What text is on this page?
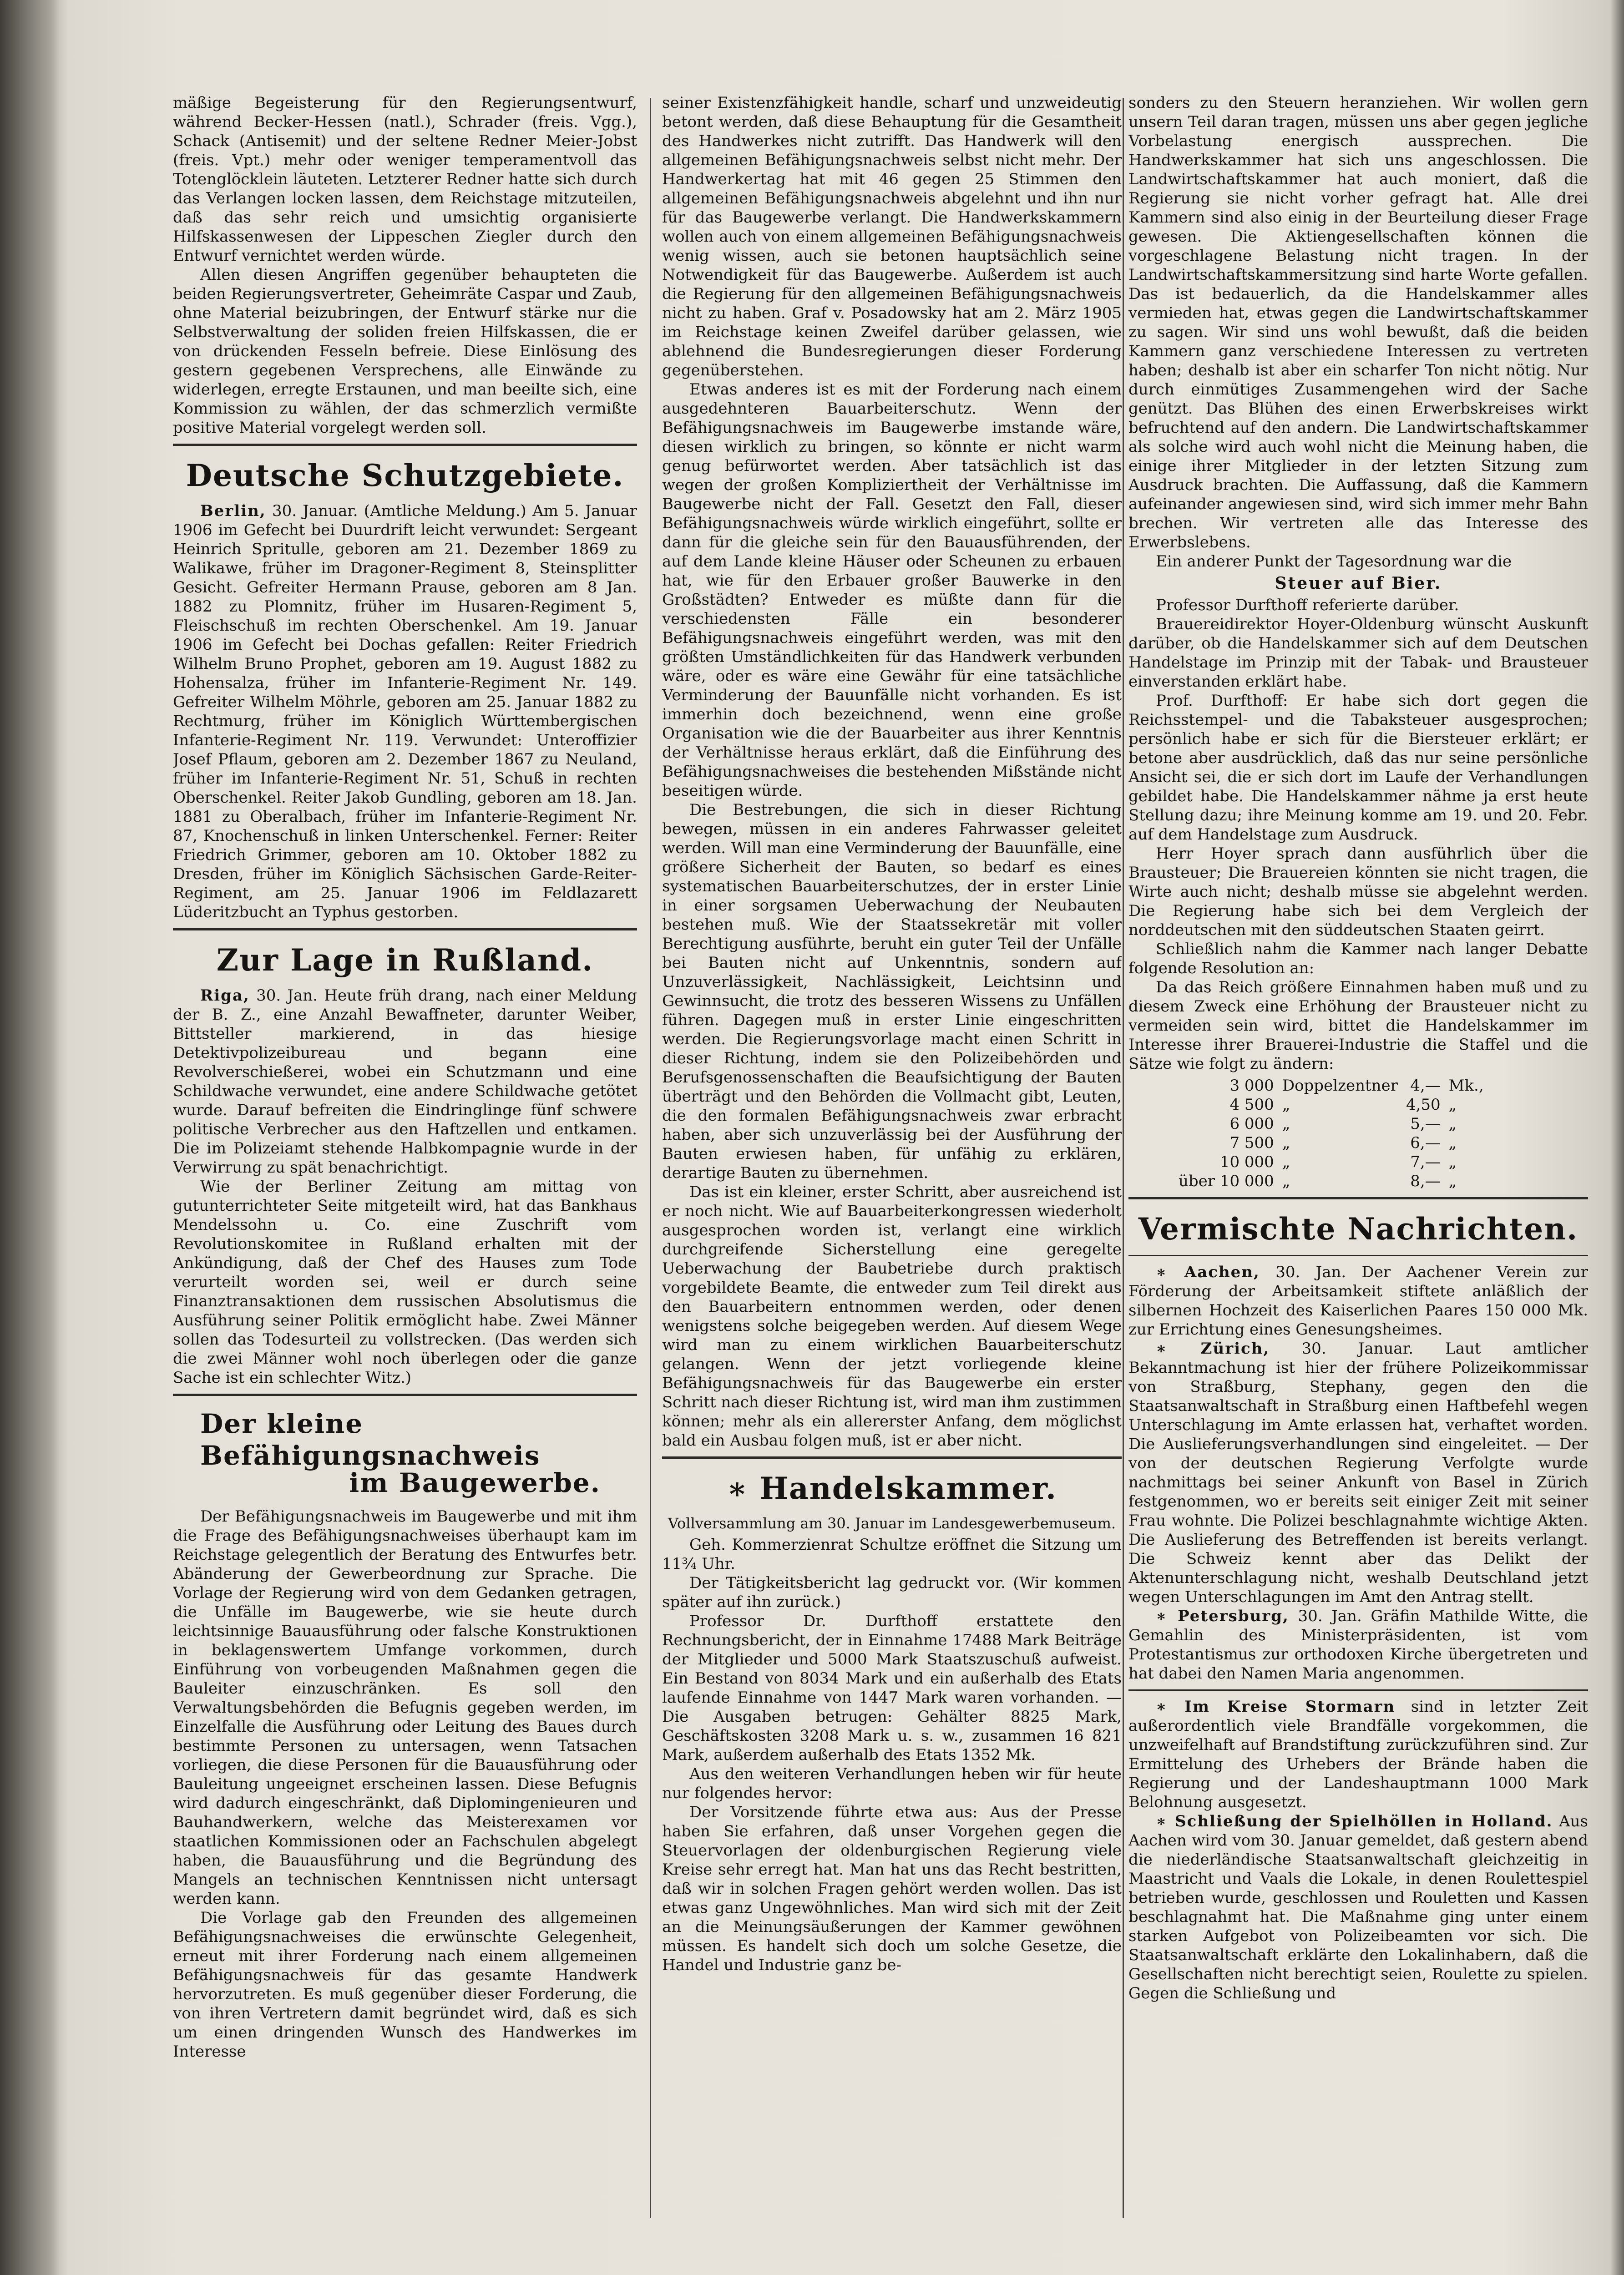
mäßige Begeisterung für den Regierungsentwurf, während Becker-Hessen (natl.), Schrader (freis. Vgg.), Schack (Antisemit) und der seltene Redner Meier-Jobst (freis. Vpt.) mehr oder weniger temperamentvoll das Totenglöcklein läuteten. Letzterer Redner hatte sich durch das Verlangen locken lassen, dem Reichstage mitzuteilen, daß das sehr reich und umsichtig organisierte Hilfskassenwesen der Lippeschen Ziegler durch den Entwurf vernichtet werden würde.

Allen diesen Angriffen gegenüber behaupteten die beiden Regierungsvertreter, Geheimräte Caspar und Zaub, ohne Material beizubringen, der Entwurf stärke nur die Selbstverwaltung der soliden freien Hilfskassen, die er von drückenden Fesseln befreie. Diese Einlösung des gestern gegebenen Versprechens, alle Einwände zu widerlegen, erregte Erstaunen, und man beeilte sich, eine Kommission zu wählen, der das schmerzlich vermißte positive Material vorgelegt werden soll.

Deutsche Schutzgebiete.

Berlin, 30. Januar. (Amtliche Meldung.) Am 5. Januar 1906 im Gefecht bei Duurdrift leicht verwundet: Sergeant Heinrich Spritulle, geboren am 21. Dezember 1869 zu Walikawe, früher im Dragoner-Regiment 8, Steinsplitter Gesicht. Gefreiter Hermann Prause, geboren am 8 Jan. 1882 zu Plomnitz, früher im Husaren-Regiment 5, Fleischschuß im rechten Oberschenkel. Am 19. Januar 1906 im Gefecht bei Dochas gefallen: Reiter Friedrich Wilhelm Bruno Prophet, geboren am 19. August 1882 zu Hohensalza, früher im Infanterie-Regiment Nr. 149. Gefreiter Wilhelm Möhrle, geboren am 25. Januar 1882 zu Rechtmurg, früher im Königlich Württembergischen Infanterie-Regiment Nr. 119. Verwundet: Unteroffizier Josef Pflaum, geboren am 2. Dezember 1867 zu Neuland, früher im Infanterie-Regiment Nr. 51, Schuß in rechten Oberschenkel. Reiter Jakob Gundling, geboren am 18. Jan. 1881 zu Oberalbach, früher im Infanterie-Regiment Nr. 87, Knochenschuß in linken Unterschenkel. Ferner: Reiter Friedrich Grimmer, geboren am 10. Oktober 1882 zu Dresden, früher im Königlich Sächsischen Garde-Reiter-Regiment, am 25. Januar 1906 im Feldlazarett Lüderitzbucht an Typhus gestorben.

Zur Lage in Rußland.

Riga, 30. Jan. Heute früh drang, nach einer Meldung der B. Z., eine Anzahl Bewaffneter, darunter Weiber, Bittsteller markierend, in das hiesige Detektivpolizeibureau und begann eine Revolverschießerei, wobei ein Schutzmann und eine Schildwache verwundet, eine andere Schildwache getötet wurde. Darauf befreiten die Eindringlinge fünf schwere politische Verbrecher aus den Haftzellen und entkamen. Die im Polizeiamt stehende Halbkompagnie wurde in der Verwirrung zu spät benachrichtigt.

Wie der Berliner Zeitung am mittag von gutunterrichteter Seite mitgeteilt wird, hat das Bankhaus Mendelssohn u. Co. eine Zuschrift vom Revolutionskomitee in Rußland erhalten mit der Ankündigung, daß der Chef des Hauses zum Tode verurteilt worden sei, weil er durch seine Finanztransaktionen dem russischen Absolutismus die Ausführung seiner Politik ermöglicht habe. Zwei Männer sollen das Todesurteil zu vollstrecken. (Das werden sich die zwei Männer wohl noch überlegen oder die ganze Sache ist ein schlechter Witz.)

Der kleine Befähigungsnachweis
im Baugewerbe.

Der Befähigungsnachweis im Baugewerbe und mit ihm die Frage des Befähigungsnachweises überhaupt kam im Reichstage gelegentlich der Beratung des Entwurfes betr. Abänderung der Gewerbeordnung zur Sprache. Die Vorlage der Regierung wird von dem Gedanken getragen, die Unfälle im Baugewerbe, wie sie heute durch leichtsinnige Bauausführung oder falsche Konstruktionen in beklagenswertem Umfange vorkommen, durch Einführung von vorbeugenden Maßnahmen gegen die Bauleiter einzuschränken. Es soll den Verwaltungsbehörden die Befugnis gegeben werden, im Einzelfalle die Ausführung oder Leitung des Baues durch bestimmte Personen zu untersagen, wenn Tatsachen vorliegen, die diese Personen für die Bauausführung oder Bauleitung ungeeignet erscheinen lassen. Diese Befugnis wird dadurch eingeschränkt, daß Diplomingenieuren und Bauhandwerkern, welche das Meisterexamen vor staatlichen Kommissionen oder an Fachschulen abgelegt haben, die Bauausführung und die Begründung des Mangels an technischen Kenntnissen nicht untersagt werden kann.

Die Vorlage gab den Freunden des allgemeinen Befähigungsnachweises die erwünschte Gelegenheit, erneut mit ihrer Forderung nach einem allgemeinen Befähigungsnachweis für das gesamte Handwerk hervorzutreten. Es muß gegenüber dieser Forderung, die von ihren Vertretern damit begründet wird, daß es sich um einen dringenden Wunsch des Handwerkes im Interesse

seiner Existenzfähigkeit handle, scharf und unzweideutig betont werden, daß diese Behauptung für die Gesamtheit des Handwerkes nicht zutrifft. Das Handwerk will den allgemeinen Befähigungsnachweis selbst nicht mehr. Der Handwerkertag hat mit 46 gegen 25 Stimmen den allgemeinen Befähigungsnachweis abgelehnt und ihn nur für das Baugewerbe verlangt. Die Handwerkskammern wollen auch von einem allgemeinen Befähigungsnachweis wenig wissen, auch sie betonen hauptsächlich seine Notwendigkeit für das Baugewerbe. Außerdem ist auch die Regierung für den allgemeinen Befähigungsnachweis nicht zu haben. Graf v. Posadowsky hat am 2. März 1905 im Reichstage keinen Zweifel darüber gelassen, wie ablehnend die Bundesregierungen dieser Forderung gegenüberstehen.

Etwas anderes ist es mit der Forderung nach einem ausgedehnteren Bauarbeiterschutz. Wenn der Befähigungsnachweis im Baugewerbe imstande wäre, diesen wirklich zu bringen, so könnte er nicht warm genug befürwortet werden. Aber tatsächlich ist das wegen der großen Kompliziertheit der Verhältnisse im Baugewerbe nicht der Fall. Gesetzt den Fall, dieser Befähigungsnachweis würde wirklich eingeführt, sollte er dann für die gleiche sein für den Bauausführenden, der auf dem Lande kleine Häuser oder Scheunen zu erbauen hat, wie für den Erbauer großer Bauwerke in den Großstädten? Entweder es müßte dann für die verschiedensten Fälle ein besonderer Befähigungsnachweis eingeführt werden, was mit den größten Umständlichkeiten für das Handwerk verbunden wäre, oder es wäre eine Gewähr für eine tatsächliche Verminderung der Bauunfälle nicht vorhanden. Es ist immerhin doch bezeichnend, wenn eine große Organisation wie die der Bauarbeiter aus ihrer Kenntnis der Verhältnisse heraus erklärt, daß die Einführung des Befähigungsnachweises die bestehenden Mißstände nicht beseitigen würde.

Die Bestrebungen, die sich in dieser Richtung bewegen, müssen in ein anderes Fahrwasser geleitet werden. Will man eine Verminderung der Bauunfälle, eine größere Sicherheit der Bauten, so bedarf es eines systematischen Bauarbeiterschutzes, der in erster Linie in einer sorgsamen Ueberwachung der Neubauten bestehen muß. Wie der Staatssekretär mit voller Berechtigung ausführte, beruht ein guter Teil der Unfälle bei Bauten nicht auf Unkenntnis, sondern auf Unzuverlässigkeit, Nachlässigkeit, Leichtsinn und Gewinnsucht, die trotz des besseren Wissens zu Unfällen führen. Dagegen muß in erster Linie eingeschritten werden. Die Regierungsvorlage macht einen Schritt in dieser Richtung, indem sie den Polizeibehörden und Berufsgenossenschaften die Beaufsichtigung der Bauten überträgt und den Behörden die Vollmacht gibt, Leuten, die den formalen Befähigungsnachweis zwar erbracht haben, aber sich unzuverlässig bei der Ausführung der Bauten erwiesen haben, für unfähig zu erklären, derartige Bauten zu übernehmen.

Das ist ein kleiner, erster Schritt, aber ausreichend ist er noch nicht. Wie auf Bauarbeiterkongressen wiederholt ausgesprochen worden ist, verlangt eine wirklich durchgreifende Sicherstellung eine geregelte Ueberwachung der Baubetriebe durch praktisch vorgebildete Beamte, die entweder zum Teil direkt aus den Bauarbeitern entnommen werden, oder denen wenigstens solche beigegeben werden. Auf diesem Wege wird man zu einem wirklichen Bauarbeiterschutz gelangen. Wenn der jetzt vorliegende kleine Befähigungsnachweis für das Baugewerbe ein erster Schritt nach dieser Richtung ist, wird man ihm zustimmen können; mehr als ein allererster Anfang, dem möglichst bald ein Ausbau folgen muß, ist er aber nicht.

∗ Handelskammer.

Vollversammlung am 30. Januar im Landesgewerbemuseum.

Geh. Kommerzienrat Schultze eröffnet die Sitzung um 11¾ Uhr.

Der Tätigkeitsbericht lag gedruckt vor. (Wir kommen später auf ihn zurück.)

Professor Dr. Durfthoff erstattete den Rechnungsbericht, der in Einnahme 17488 Mark Beiträge der Mitglieder und 5000 Mark Staatszuschuß aufweist. Ein Bestand von 8034 Mark und ein außerhalb des Etats laufende Einnahme von 1447 Mark waren vorhanden. — Die Ausgaben betrugen: Gehälter 8825 Mark, Geschäftskosten 3208 Mark u. s. w., zusammen 16 821 Mark, außerdem außerhalb des Etats 1352 Mk.

Aus den weiteren Verhandlungen heben wir für heute nur folgendes hervor:

Der Vorsitzende führte etwa aus: Aus der Presse haben Sie erfahren, daß unser Vorgehen gegen die Steuervorlagen der oldenburgischen Regierung viele Kreise sehr erregt hat. Man hat uns das Recht bestritten, daß wir in solchen Fragen gehört werden wollen. Das ist etwas ganz Ungewöhnliches. Man wird sich mit der Zeit an die Meinungsäußerungen der Kammer gewöhnen müssen. Es handelt sich doch um solche Gesetze, die Handel und Industrie ganz be-

sonders zu den Steuern heranziehen. Wir wollen gern unsern Teil daran tragen, müssen uns aber gegen jegliche Vorbelastung energisch aussprechen. Die Handwerkskammer hat sich uns angeschlossen. Die Landwirtschaftskammer hat auch moniert, daß die Regierung sie nicht vorher gefragt hat. Alle drei Kammern sind also einig in der Beurteilung dieser Frage gewesen. Die Aktiengesellschaften können die vorgeschlagene Belastung nicht tragen. In der Landwirtschaftskammersitzung sind harte Worte gefallen. Das ist bedauerlich, da die Handelskammer alles vermieden hat, etwas gegen die Landwirtschaftskammer zu sagen. Wir sind uns wohl bewußt, daß die beiden Kammern ganz verschiedene Interessen zu vertreten haben; deshalb ist aber ein scharfer Ton nicht nötig. Nur durch einmütiges Zusammengehen wird der Sache genützt. Das Blühen des einen Erwerbskreises wirkt befruchtend auf den andern. Die Landwirtschaftskammer als solche wird auch wohl nicht die Meinung haben, die einige ihrer Mitglieder in der letzten Sitzung zum Ausdruck brachten. Die Auffassung, daß die Kammern aufeinander angewiesen sind, wird sich immer mehr Bahn brechen. Wir vertreten alle das Interesse des Erwerbslebens.

Ein anderer Punkt der Tagesordnung war die

Steuer auf Bier.

Professor Durfthoff referierte darüber.

Brauereidirektor Hoyer-Oldenburg wünscht Auskunft darüber, ob die Handelskammer sich auf dem Deutschen Handelstage im Prinzip mit der Tabak- und Brausteuer einverstanden erklärt habe.

Prof. Durfthoff: Er habe sich dort gegen die Reichsstempel- und die Tabaksteuer ausgesprochen; persönlich habe er sich für die Biersteuer erklärt; er betone aber ausdrücklich, daß das nur seine persönliche Ansicht sei, die er sich dort im Laufe der Verhandlungen gebildet habe. Die Handelskammer nähme ja erst heute Stellung dazu; ihre Meinung komme am 19. und 20. Febr. auf dem Handelstage zum Ausdruck.

Herr Hoyer sprach dann ausführlich über die Brausteuer; Die Brauereien könnten sie nicht tragen, die Wirte auch nicht; deshalb müsse sie abgelehnt werden. Die Regierung habe sich bei dem Vergleich der norddeutschen mit den süddeutschen Staaten geirrt.

Schließlich nahm die Kammer nach langer Debatte folgende Resolution an:

Da das Reich größere Einnahmen haben muß und zu diesem Zweck eine Erhöhung der Brausteuer nicht zu vermeiden sein wird, bittet die Handelskammer im Interesse ihrer Brauerei-Industrie die Staffel und die Sätze wie folgt zu ändern:

3 000	Doppelzentner	4,—	Mk.,
4 500	„	4,50	„
6 000	„	5,—	„
7 500	„	6,—	„
10 000	„	7,—	„
über 10 000	„	8,—	„
Vermischte Nachrichten.

∗ Aachen, 30. Jan. Der Aachener Verein zur Förderung der Arbeitsamkeit stiftete anläßlich der silbernen Hochzeit des Kaiserlichen Paares 150 000 Mk. zur Errichtung eines Genesungsheimes.

∗ Zürich, 30. Januar. Laut amtlicher Bekanntmachung ist hier der frühere Polizeikommissar von Straßburg, Stephany, gegen den die Staatsanwaltschaft in Straßburg einen Haftbefehl wegen Unterschlagung im Amte erlassen hat, verhaftet worden. Die Auslieferungsverhandlungen sind eingeleitet. — Der von der deutschen Regierung Verfolgte wurde nachmittags bei seiner Ankunft von Basel in Zürich festgenommen, wo er bereits seit einiger Zeit mit seiner Frau wohnte. Die Polizei beschlagnahmte wichtige Akten. Die Auslieferung des Betreffenden ist bereits verlangt. Die Schweiz kennt aber das Delikt der Aktenunterschlagung nicht, weshalb Deutschland jetzt wegen Unterschlagungen im Amt den Antrag stellt.

∗ Petersburg, 30. Jan. Gräfin Mathilde Witte, die Gemahlin des Ministerpräsidenten, ist vom Protestantismus zur orthodoxen Kirche übergetreten und hat dabei den Namen Maria angenommen.

∗ Im Kreise Stormarn sind in letzter Zeit außerordentlich viele Brandfälle vorgekommen, die unzweifelhaft auf Brandstiftung zurückzuführen sind. Zur Ermittelung des Urhebers der Brände haben die Regierung und der Landeshauptmann 1000 Mark Belohnung ausgesetzt.

∗ Schließung der Spielhöllen in Holland. Aus Aachen wird vom 30. Januar gemeldet, daß gestern abend die niederländische Staatsanwaltschaft gleichzeitig in Maastricht und Vaals die Lokale, in denen Roulettespiel betrieben wurde, geschlossen und Rouletten und Kassen beschlagnahmt hat. Die Maßnahme ging unter einem starken Aufgebot von Polizeibeamten vor sich. Die Staatsanwaltschaft erklärte den Lokalinhabern, daß die Gesellschaften nicht berechtigt seien, Roulette zu spielen. Gegen die Schließung und
